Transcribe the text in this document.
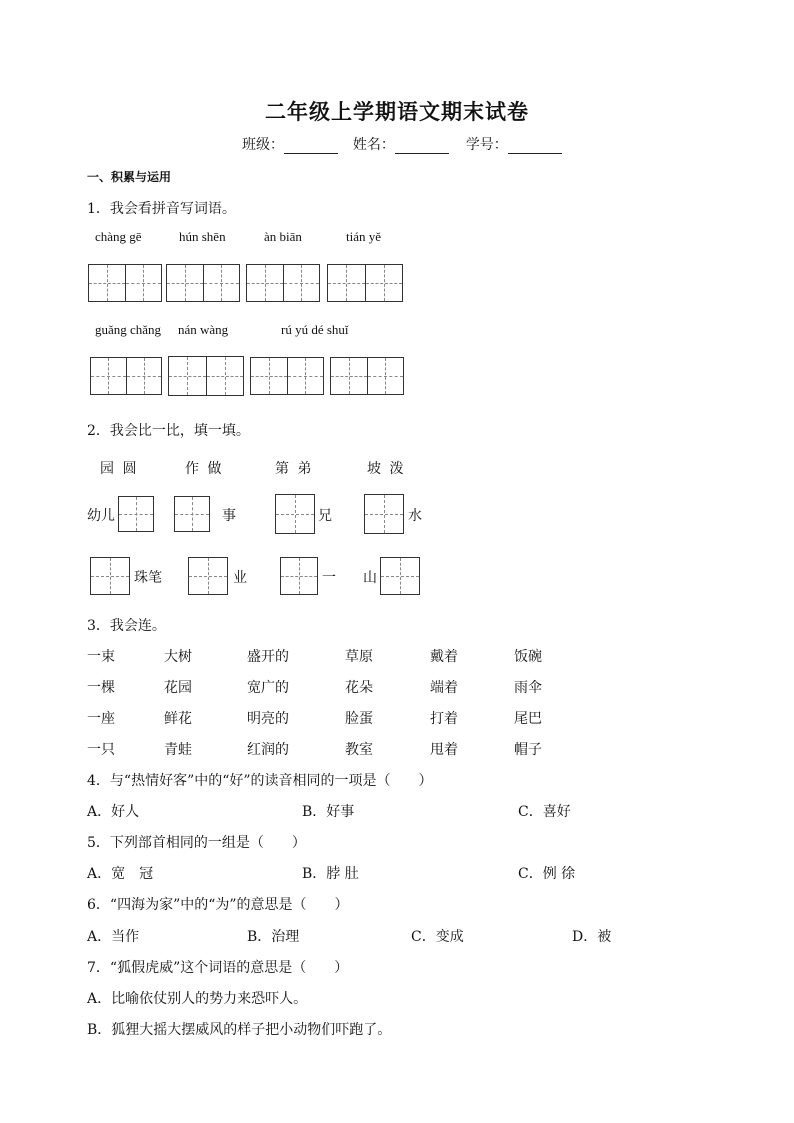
二年级上学期语文期末试卷
班级：	姓名：	学号：
一、积累与运用
1．我会看拼音写词语。
chàng gē	hún shēn	àn biān	tián yě
guǎng chǎng nán wàng	rú yú dé shuǐ
2．我会比一比，填一填。
园 圆	作 做	第 弟	坡 泼
幼儿	事	兄	水
珠笔	业	一 山
3．我会连。
一束	大树	盛开的	草原	戴着	饭碗
一棵	花园	宽广的	花朵	端着	雨伞
一座	鲜花	明亮的	脸蛋	打着	尾巴
一只	青蛙	红润的	教室	甩着	帽子
4．与“热情好客”中的“好”的读音相同的一项是（　　）
A．好人	B．好事	C．喜好
5．下列部首相同的一组是（　　）
A．宽　冠	B．脖 肚	C．例 徐
6．“四海为家”中的“为”的意思是（　　）
A．当作	B．治理	C．变成	D．被
7．“狐假虎威”这个词语的意思是（　　）
A．比喻依仗别人的势力来恐吓人。
B．狐狸大摇大摆威风的样子把小动物们吓跑了。
